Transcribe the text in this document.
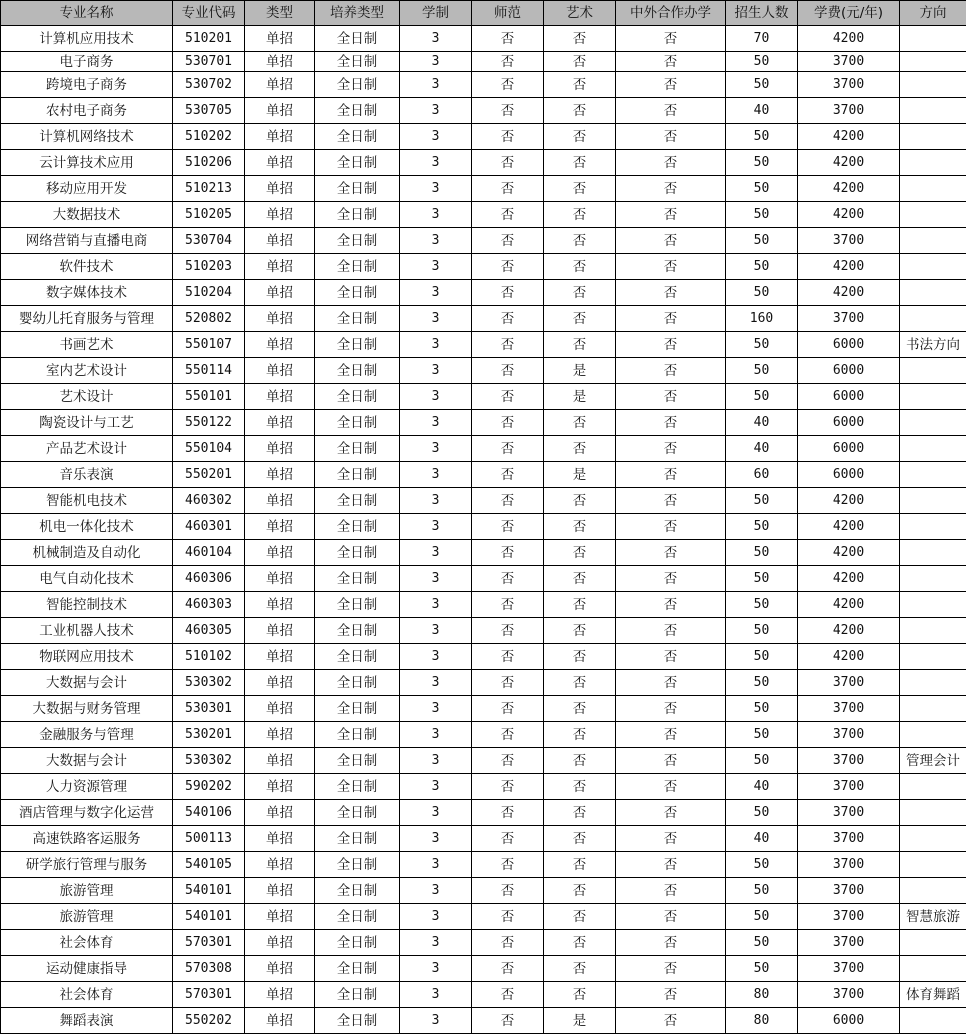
专业名称	专业代码	类型	培养类型	学制	师范	艺术	中外合作办学	招生人数	学费(元/年)	方向
计算机应用技术	510201	单招	全日制	3	否	否	否	70	4200	
电子商务	530701	单招	全日制	3	否	否	否	50	3700	
跨境电子商务	530702	单招	全日制	3	否	否	否	50	3700	
农村电子商务	530705	单招	全日制	3	否	否	否	40	3700	
计算机网络技术	510202	单招	全日制	3	否	否	否	50	4200	
云计算技术应用	510206	单招	全日制	3	否	否	否	50	4200	
移动应用开发	510213	单招	全日制	3	否	否	否	50	4200	
大数据技术	510205	单招	全日制	3	否	否	否	50	4200	
网络营销与直播电商	530704	单招	全日制	3	否	否	否	50	3700	
软件技术	510203	单招	全日制	3	否	否	否	50	4200	
数字媒体技术	510204	单招	全日制	3	否	否	否	50	4200	
婴幼儿托育服务与管理	520802	单招	全日制	3	否	否	否	160	3700	
书画艺术	550107	单招	全日制	3	否	否	否	50	6000	书法方向
室内艺术设计	550114	单招	全日制	3	否	是	否	50	6000	
艺术设计	550101	单招	全日制	3	否	是	否	50	6000	
陶瓷设计与工艺	550122	单招	全日制	3	否	否	否	40	6000	
产品艺术设计	550104	单招	全日制	3	否	否	否	40	6000	
音乐表演	550201	单招	全日制	3	否	是	否	60	6000	
智能机电技术	460302	单招	全日制	3	否	否	否	50	4200	
机电一体化技术	460301	单招	全日制	3	否	否	否	50	4200	
机械制造及自动化	460104	单招	全日制	3	否	否	否	50	4200	
电气自动化技术	460306	单招	全日制	3	否	否	否	50	4200	
智能控制技术	460303	单招	全日制	3	否	否	否	50	4200	
工业机器人技术	460305	单招	全日制	3	否	否	否	50	4200	
物联网应用技术	510102	单招	全日制	3	否	否	否	50	4200	
大数据与会计	530302	单招	全日制	3	否	否	否	50	3700	
大数据与财务管理	530301	单招	全日制	3	否	否	否	50	3700	
金融服务与管理	530201	单招	全日制	3	否	否	否	50	3700	
大数据与会计	530302	单招	全日制	3	否	否	否	50	3700	管理会计
人力资源管理	590202	单招	全日制	3	否	否	否	40	3700	
酒店管理与数字化运营	540106	单招	全日制	3	否	否	否	50	3700	
高速铁路客运服务	500113	单招	全日制	3	否	否	否	40	3700	
研学旅行管理与服务	540105	单招	全日制	3	否	否	否	50	3700	
旅游管理	540101	单招	全日制	3	否	否	否	50	3700	
旅游管理	540101	单招	全日制	3	否	否	否	50	3700	智慧旅游
社会体育	570301	单招	全日制	3	否	否	否	50	3700	
运动健康指导	570308	单招	全日制	3	否	否	否	50	3700	
社会体育	570301	单招	全日制	3	否	否	否	80	3700	体育舞蹈
舞蹈表演	550202	单招	全日制	3	否	是	否	80	6000	
